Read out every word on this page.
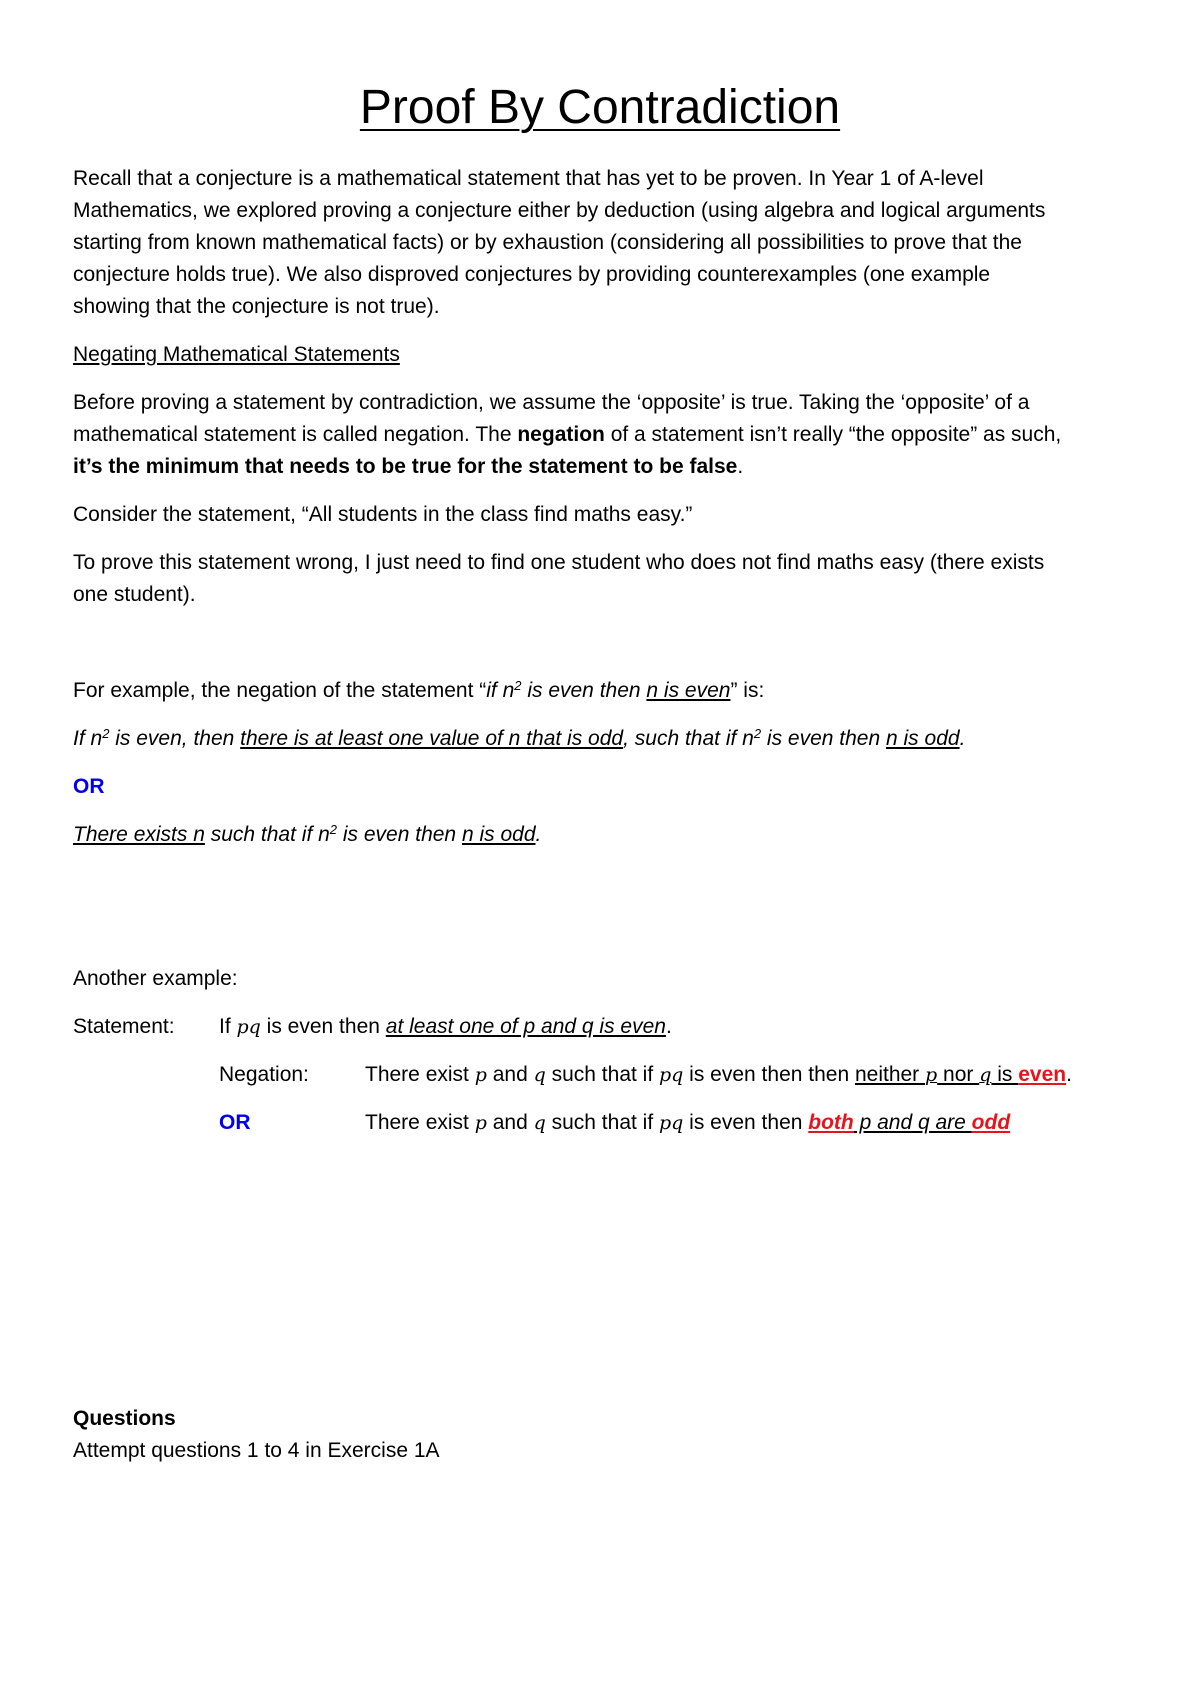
Proof By Contradiction
Recall that a conjecture is a mathematical statement that has yet to be proven. In Year 1 of A-level
Mathematics, we explored proving a conjecture either by deduction (using algebra and logical arguments
starting from known mathematical facts) or by exhaustion (considering all possibilities to prove that the
conjecture holds true). We also disproved conjectures by providing counterexamples (one example
showing that the conjecture is not true).
Negating Mathematical Statements
Before proving a statement by contradiction, we assume the ‘opposite’ is true. Taking the ‘opposite’ of a
mathematical statement is called negation. The negation of a statement isn’t really “the opposite” as such,
it’s the minimum that needs to be true for the statement to be false.
Consider the statement, “All students in the class find maths easy.”
To prove this statement wrong, I just need to find one student who does not find maths easy (there exists
one student).
For example, the negation of the statement “if $n^2$ is even then n is even” is:
If $n^2$ is even, then there is at least one value of n that is odd, such that if $n^2$ is even then n is odd.
OR
There exists n such that if $n^2$ is even then n is odd.
Another example:
Statement: If pq is even then at least one of p and q is even.
Negation:	There exist p and q such that if pq is even then then neither p nor q is even.
OR	There exist p and q such that if pq is even then both p and q are odd
Questions
Attempt questions 1 to 4 in Exercise 1A
